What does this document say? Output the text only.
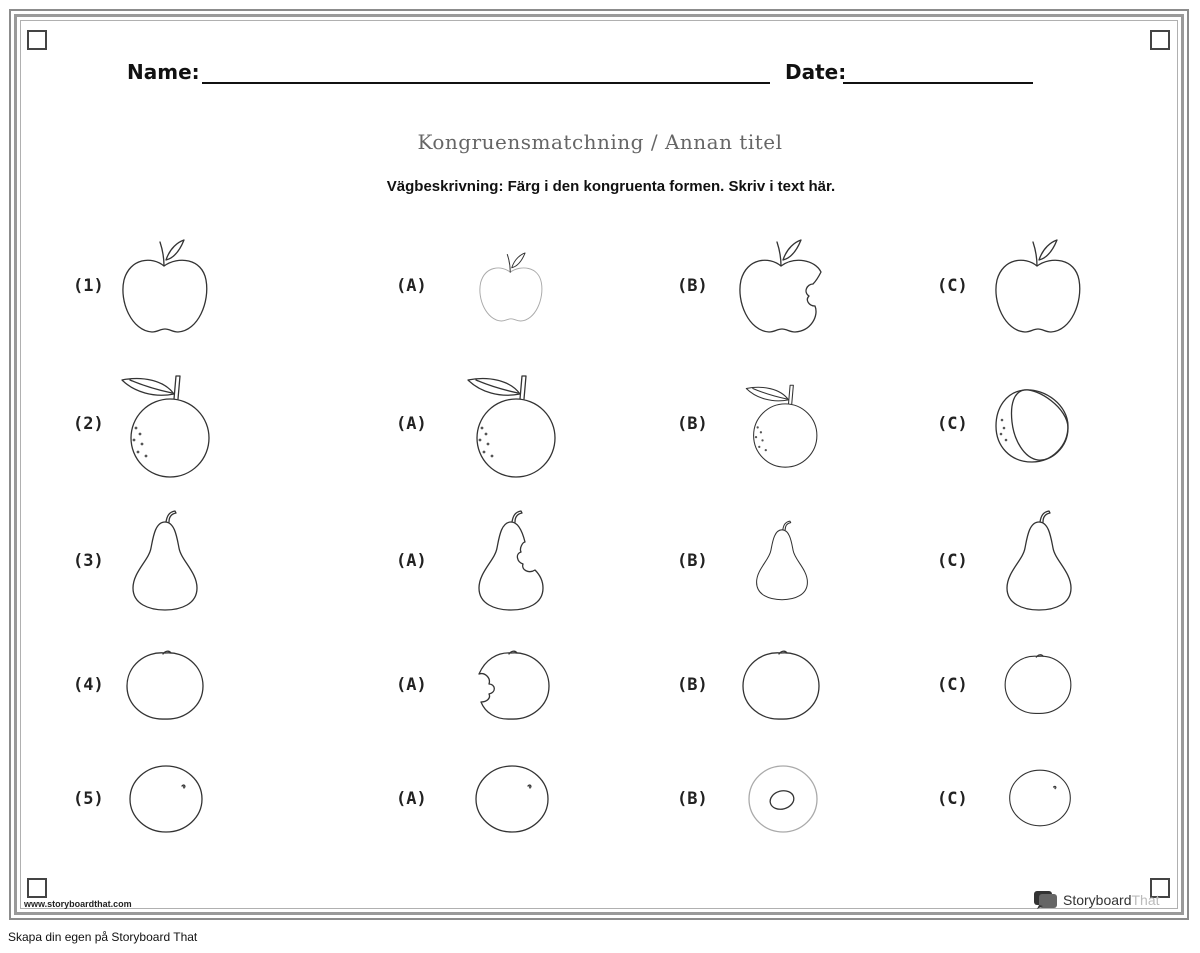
Name:	Date:
Kongruensmatchning / Annan titel
Vägbeskrivning: Färg i den kongruenta formen. Skriv i text här.
(1)	(A)	(B)	(C)
(2)	(A)	(B)	(C)
(3)	(A)	(B)	(C)
(4)	(A)	(B)	(C)
(5)	(A)	(B)	(C)
www.storyboardthat.com	StoryboardThat
Skapa din egen på Storyboard That
